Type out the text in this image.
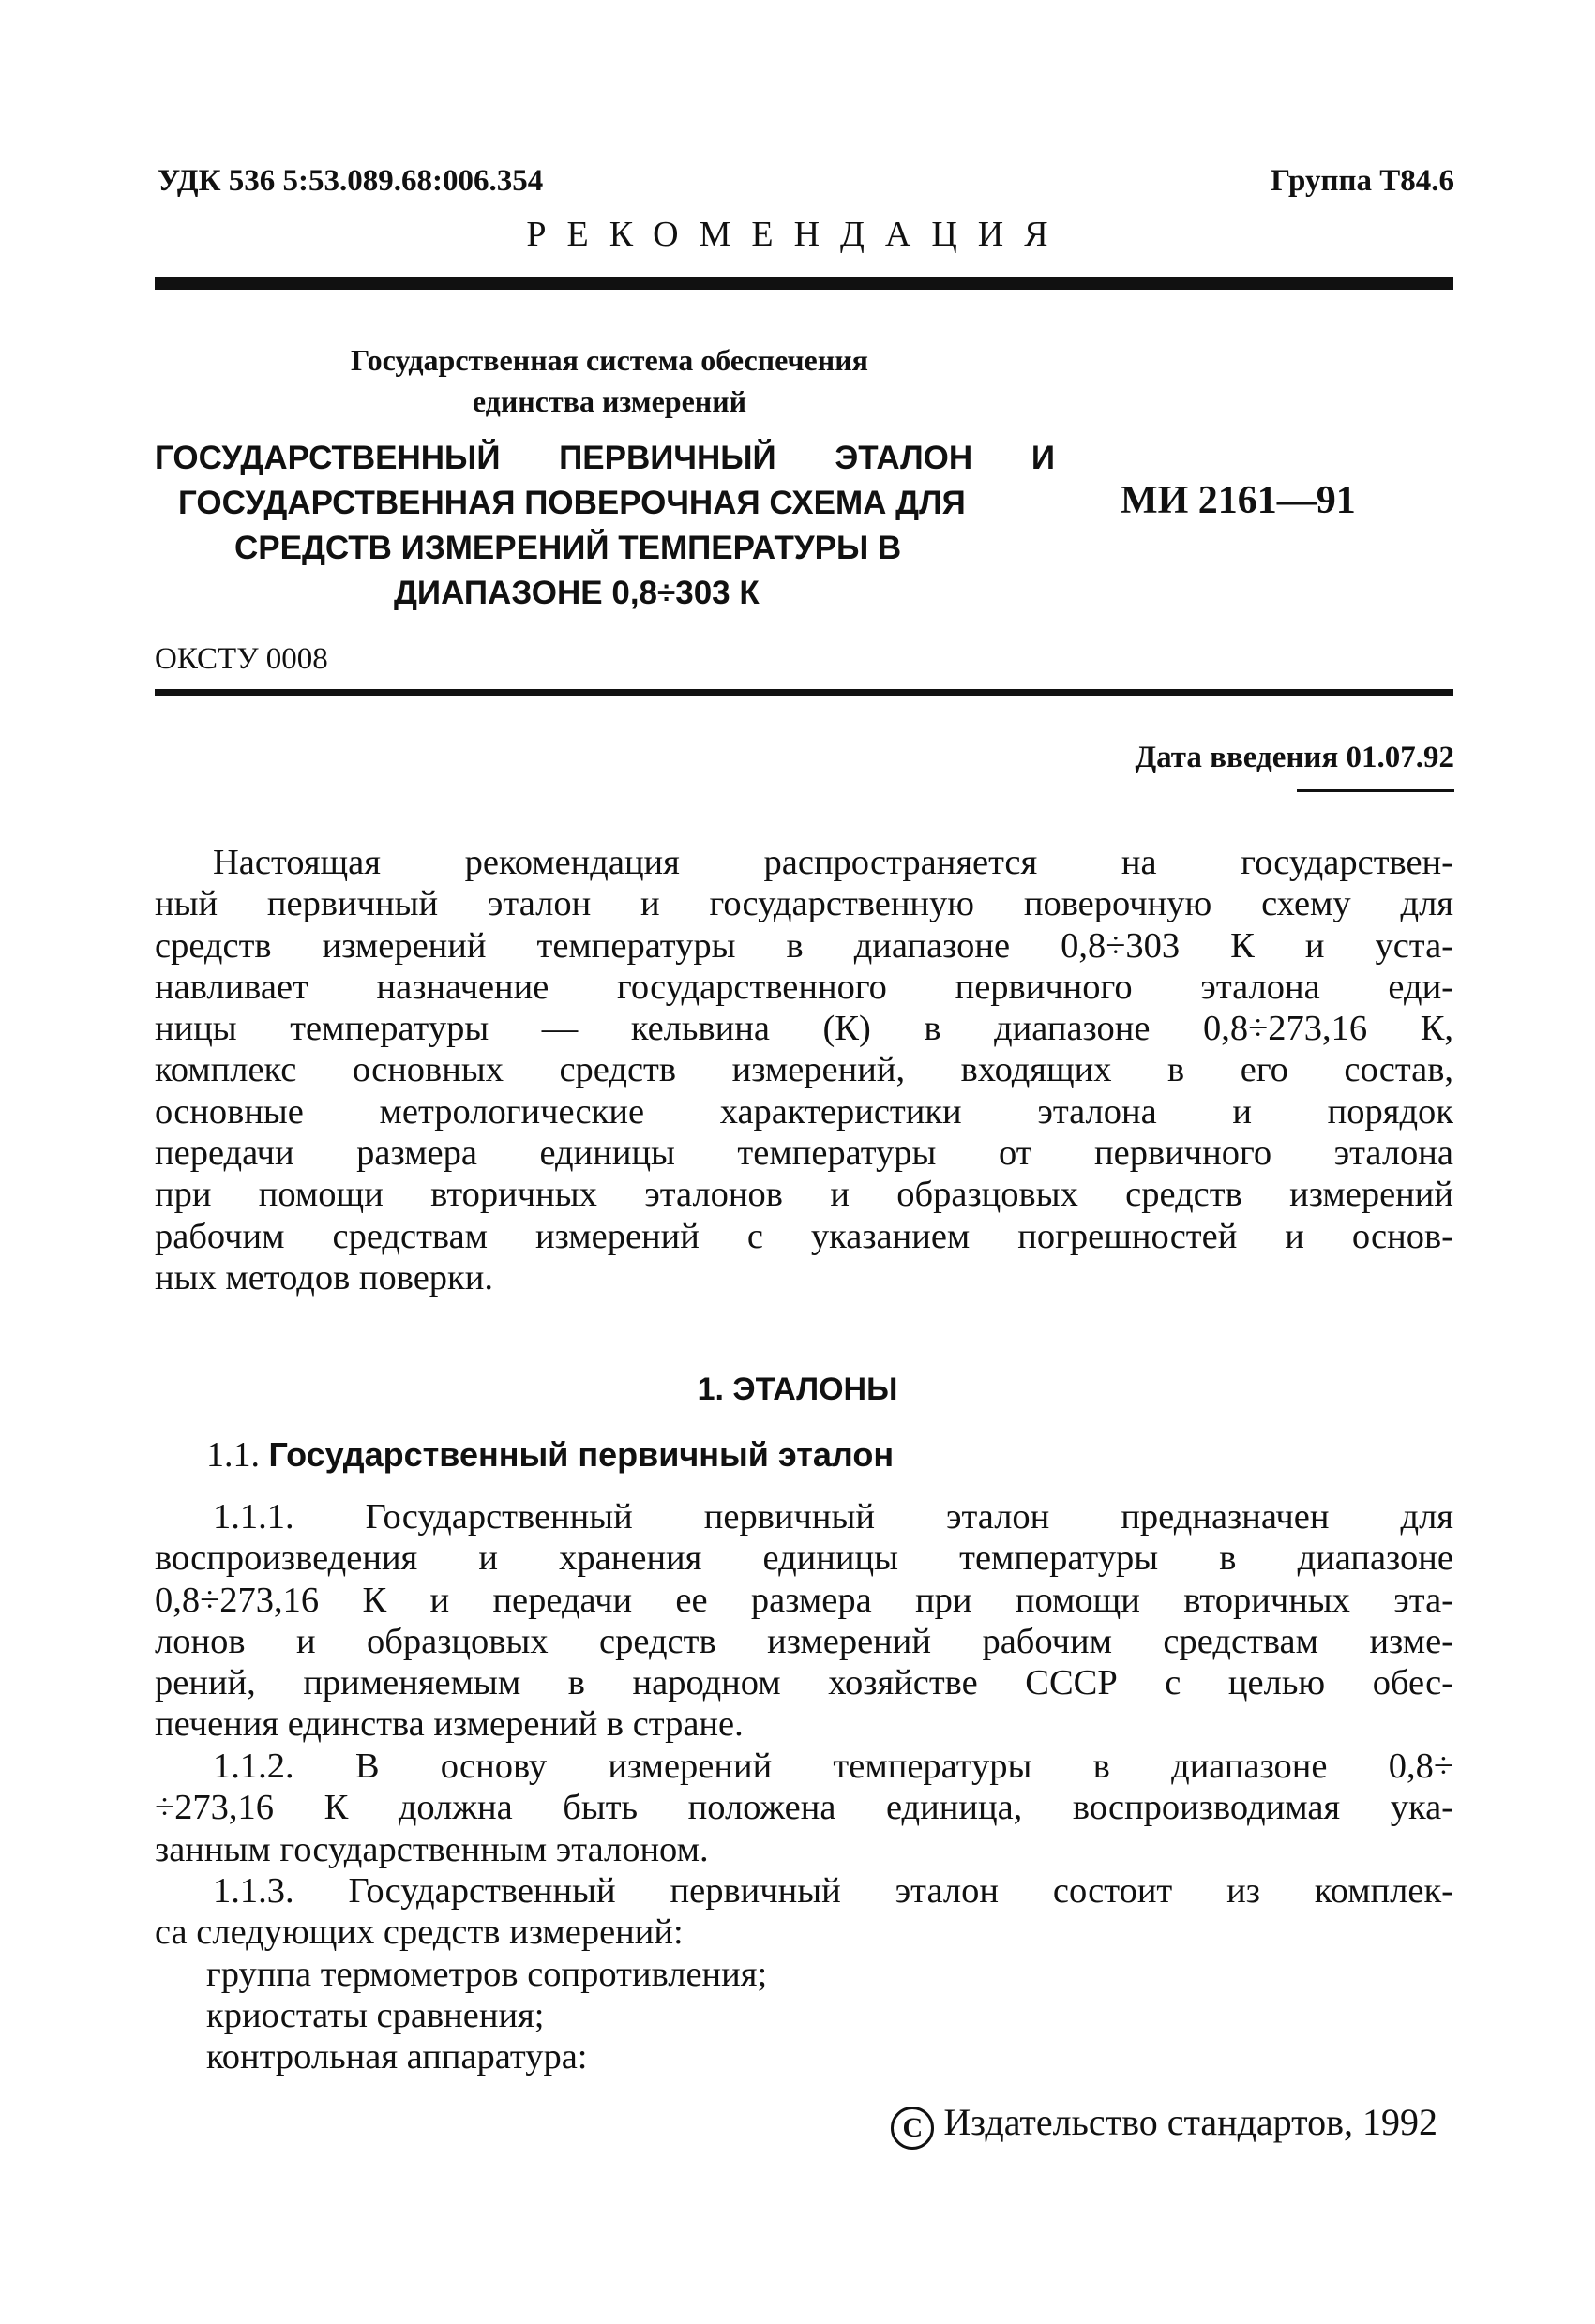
УДК 536 5:53.089.68:006.354	Группа Т84.6
РЕКОМЕНДАЦИЯ
Государственная система обеспечения
единства измерений
ГОСУДАРСТВЕННЫЙ ПЕРВИЧНЫЙ ЭТАЛОН И
ГОСУДАРСТВЕННАЯ ПОВЕРОЧНАЯ СХЕМА ДЛЯ
СРЕДСТВ ИЗМЕРЕНИЙ ТЕМПЕРАТУРЫ В
ДИАПАЗОНЕ 0,8÷303 К
МИ 2161—91
ОКСТУ 0008
Дата введения 01.07.92
Настоящая рекомендация распространяется на государствен-
ный первичный эталон и государственную поверочную схему для
средств измерений температуры в диапазоне 0,8÷303 К и уста-
навливает назначение государственного первичного эталона еди-
ницы температуры — кельвина (К) в диапазоне 0,8÷273,16 К,
комплекс основных средств измерений, входящих в его состав,
основные метрологические характеристики эталона и порядок
передачи размера единицы температуры от первичного эталона
при помощи вторичных эталонов и образцовых средств измерений
рабочим средствам измерений с указанием погрешностей и основ-
ных методов поверки.
1. ЭТАЛОНЫ
1.1. Государственный первичный эталон
1.1.1. Государственный первичный эталон предназначен для
воспроизведения и хранения единицы температуры в диапазоне
0,8÷273,16 К и передачи ее размера при помощи вторичных эта-
лонов и образцовых средств измерений рабочим средствам изме-
рений, применяемым в народном хозяйстве СССР с целью обес-
печения единства измерений в стране.
1.1.2. В основу измерений температуры в диапазоне 0,8÷
÷273,16 К должна быть положена единица, воспроизводимая ука-
занным государственным эталоном.
1.1.3. Государственный первичный эталон состоит из комплек-
са следующих средств измерений:
группа термометров сопротивления;
криостаты сравнения;
контрольная аппаратура:
С Издательство стандартов, 1992
